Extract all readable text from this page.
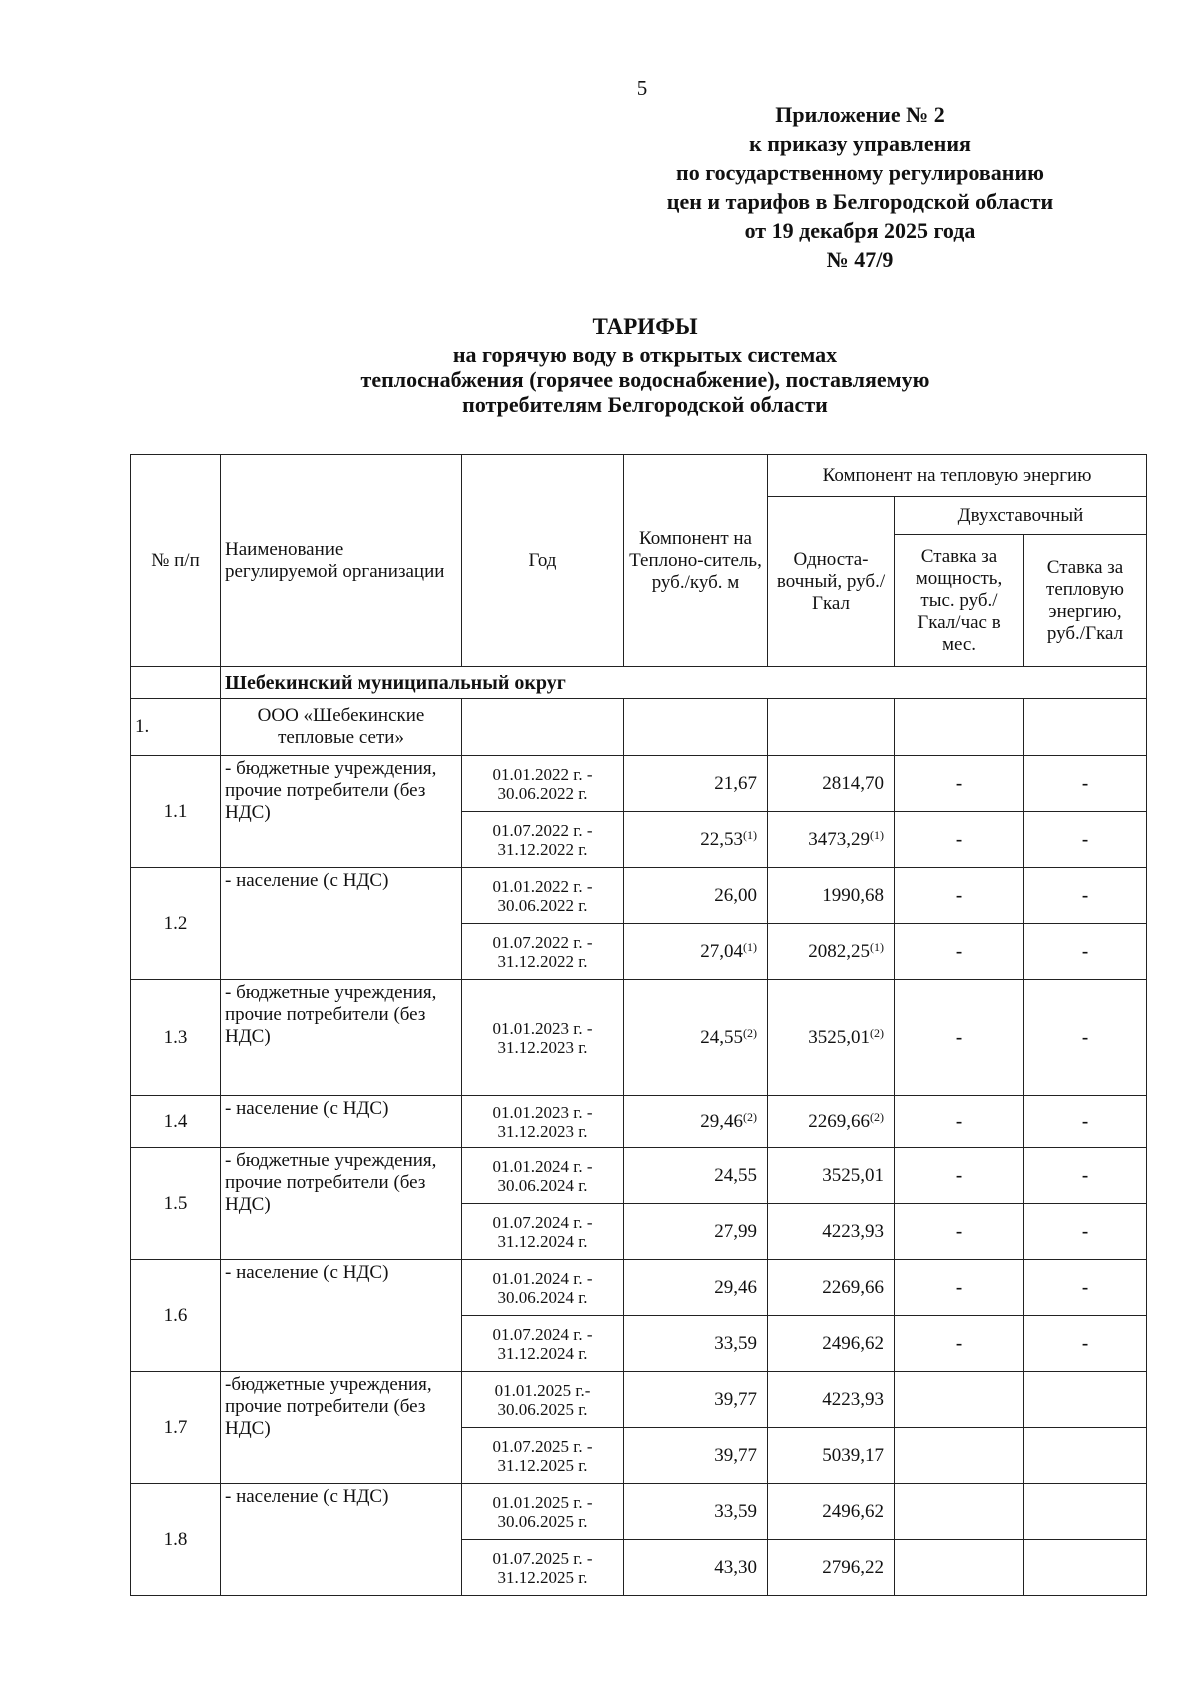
5
Приложение № 2
к приказу управления
по государственному регулированию
цен и тарифов в Белгородской области
от 19 декабря 2025 года
№ 47/9
ТАРИФЫ
на горячую воду в открытых системах
теплоснабжения (горячее водоснабжение), поставляемую
потребителям Белгородской области
№ п/п	Наименование регулируемой организации	Год	Компонент на Теплоно-ситель, руб./куб. м	Компонент на тепловую энергию		
				Односта-вочный, руб./Гкал	Двухставочный	
					Ставка за мощность, тыс. руб./ Гкал/час в мес.	Ставка за тепловую энергию, руб./Гкал
	Шебекинский муниципальный округ					
1.	ООО «Шебекинские тепловые сети»					
1.1	- бюджетные учреждения, прочие потребители (без НДС)	01.01.2022 г. - 30.06.2022 г.	21,67	2814,70	-	-
		01.07.2022 г. - 31.12.2022 г.	22,53$^{(1)}$	3473,29$^{(1)}$	-	-
1.2	- население (с НДС)	01.01.2022 г. - 30.06.2022 г.	26,00	1990,68	-	-
		01.07.2022 г. - 31.12.2022 г.	27,04$^{(1)}$	2082,25$^{(1)}$	-	-
1.3	- бюджетные учреждения, прочие потребители (без НДС)	01.01.2023 г. - 31.12.2023 г.	24,55$^{(2)}$	3525,01$^{(2)}$	-	-
1.4	- население (с НДС)	01.01.2023 г. - 31.12.2023 г.	29,46$^{(2)}$	2269,66$^{(2)}$	-	-
1.5	- бюджетные учреждения, прочие потребители (без НДС)	01.01.2024 г. - 30.06.2024 г.	24,55	3525,01	-	-
		01.07.2024 г. - 31.12.2024 г.	27,99	4223,93	-	-
1.6	- население (с НДС)	01.01.2024 г. - 30.06.2024 г.	29,46	2269,66	-	-
		01.07.2024 г. - 31.12.2024 г.	33,59	2496,62	-	-
1.7	-бюджетные учреждения, прочие потребители (без НДС)	01.01.2025 г.- 30.06.2025 г.	39,77	4223,93		
		01.07.2025 г. - 31.12.2025 г.	39,77	5039,17		
1.8	- население (с НДС)	01.01.2025 г. - 30.06.2025 г.	33,59	2496,62		
		01.07.2025 г. - 31.12.2025 г.	43,30	2796,22		
